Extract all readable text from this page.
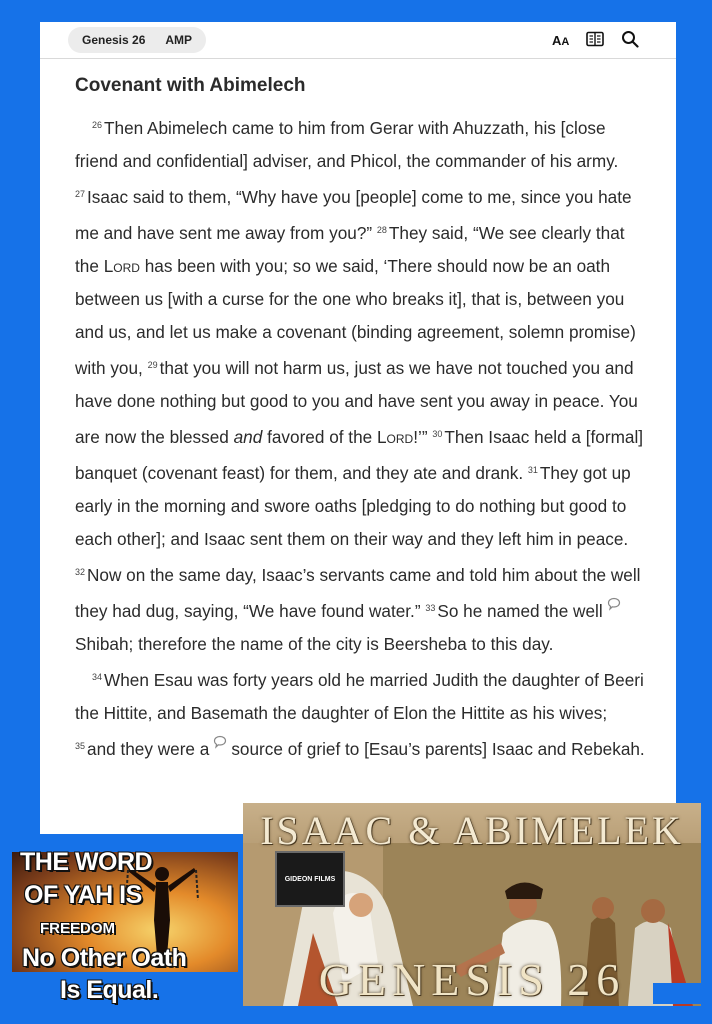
Genesis 26 AMP	AA
Covenant with Abimelech

$^{26}$ Then Abimelech came to him from Gerar with Ahuzzath, his [close friend and confidential] adviser, and Phicol, the commander of his army. $^{27}$ Isaac said to them, “Why have you [people] come to me, since you hate me and have sent me away from you?” $^{28}$ They said, “We see clearly that the Lord has been with you; so we said, ‘There should now be an oath between us [with a curse for the one who breaks it], that is, between you and us, and let us make a covenant (binding agreement, solemn promise) with you, $^{29}$ that you will not harm us, just as we have not touched you and have done nothing but good to you and have sent you away in peace. You are now the blessed and favored of the Lord!’” $^{30}$ Then Isaac held a [formal] banquet (covenant feast) for them, and they ate and drank. $^{31}$ They got up early in the morning and swore oaths [pledging to do nothing but good to each other]; and Isaac sent them on their way and they left him in peace. $^{32}$ Now on the same day, Isaac’s servants came and told him about the well they had dug, saying, “We have found water.” $^{33}$ So he named the well
Shibah; therefore the name of the city is Beersheba to this day.

$^{34}$ When Esau was forty years old he married Judith the daughter of Beeri the Hittite, and Basemath the daughter of Elon the Hittite as his wives; $^{35}$ and they were a source of grief to [Esau’s parents] Isaac and Rebekah.

THE WORD
OF YAH IS
FREEDOM
No Other Oath
Is Equal.
GIDEON FILMS
ISAAC & ABIMELEK
GENESIS 26
